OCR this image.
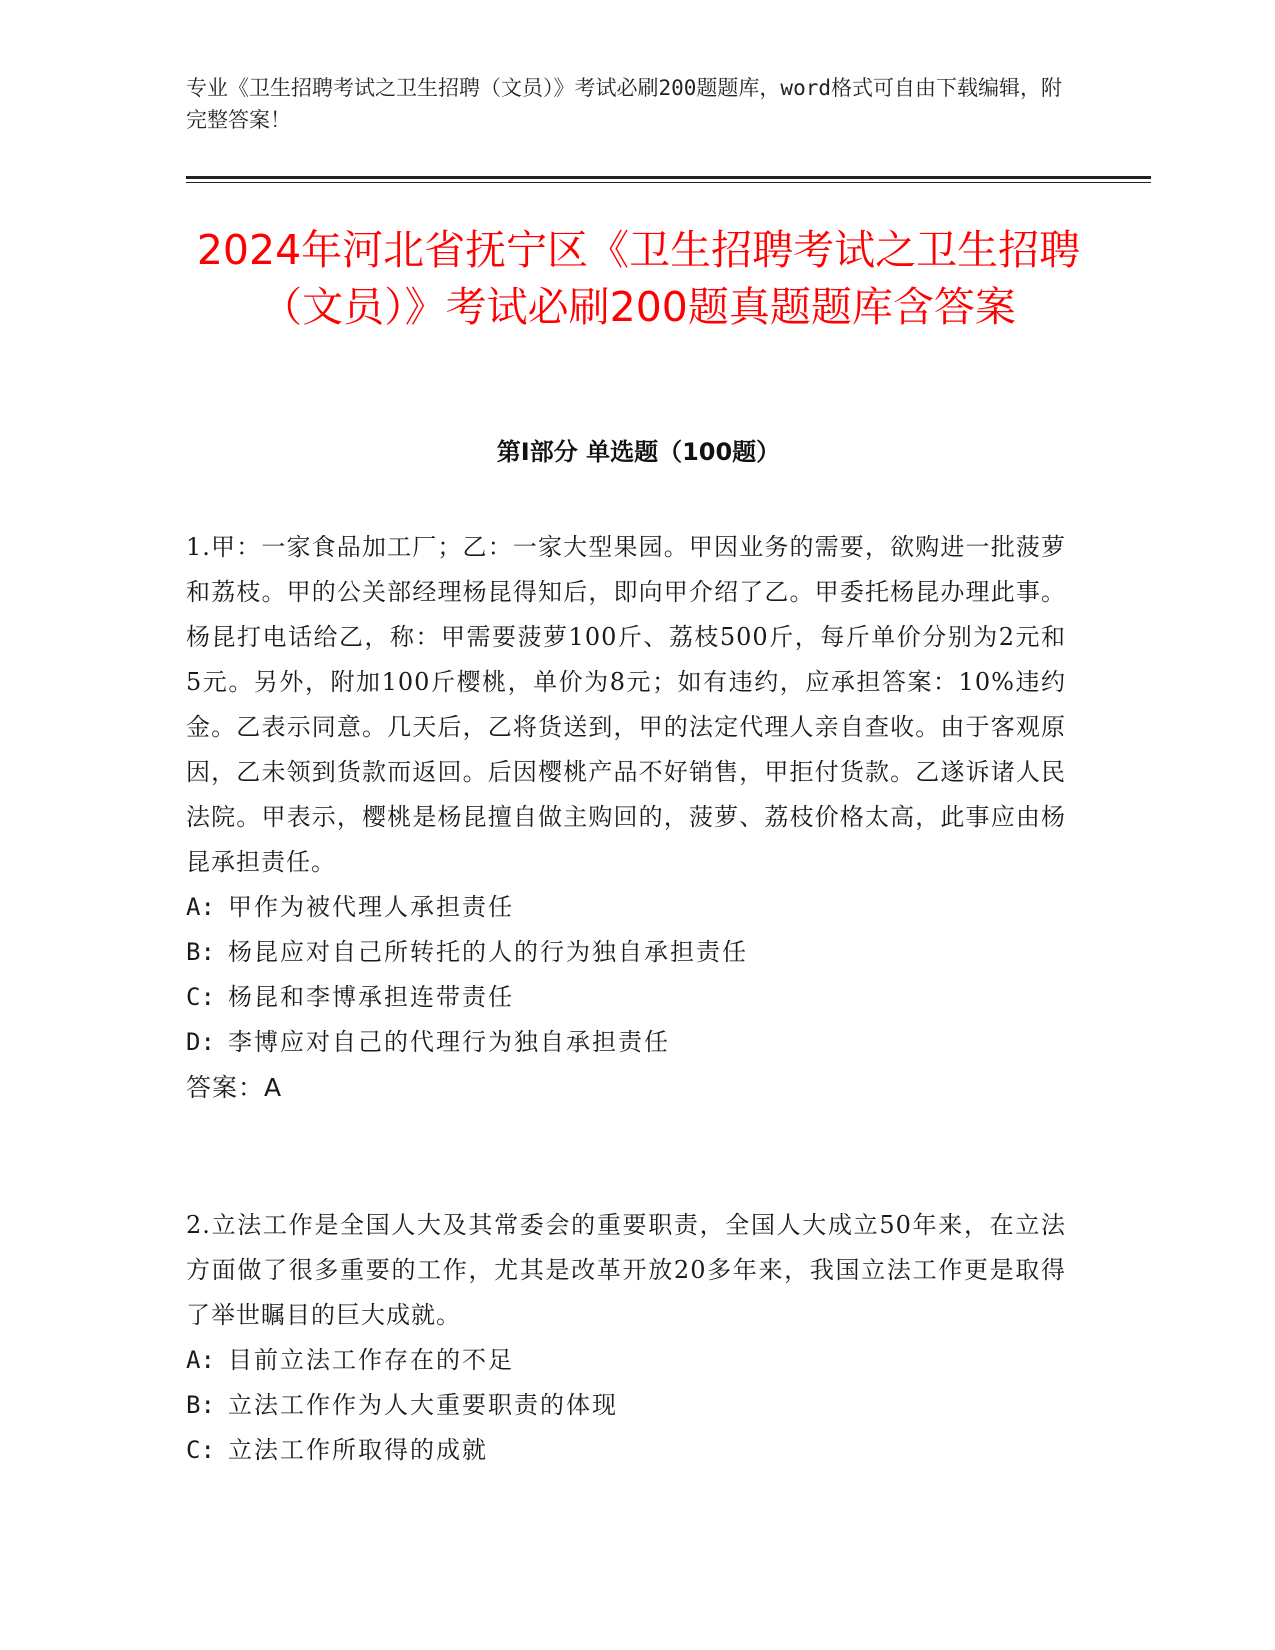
专业《卫生招聘考试之卫生招聘（文员）》考试必刷200题题库，word格式可自由下载编辑，附完整答案！
2024年河北省抚宁区《卫生招聘考试之卫生招聘（文员）》考试必刷200题真题题库含答案
第Ⅰ部分 单选题（100题）

1.甲：一家食品加工厂；乙：一家大型果园。甲因业务的需要，欲购进一批菠萝和荔枝。甲的公关部经理杨昆得知后，即向甲介绍了乙。甲委托杨昆办理此事。杨昆打电话给乙，称：甲需要菠萝100斤、荔枝500斤，每斤单价分别为2元和5元。另外，附加100斤樱桃，单价为8元；如有违约，应承担答案：10%违约金。乙表示同意。几天后，乙将货送到，甲的法定代理人亲自查收。由于客观原因，乙未领到货款而返回。后因樱桃产品不好销售，甲拒付货款。乙遂诉诸人民法院。甲表示，樱桃是杨昆擅自做主购回的，菠萝、荔枝价格太高，此事应由杨昆承担责任。

A: 甲作为被代理人承担责任

B: 杨昆应对自己所转托的人的行为独自承担责任

C: 杨昆和李博承担连带责任

D: 李博应对自己的代理行为独自承担责任

答案：A

2.立法工作是全国人大及其常委会的重要职责，全国人大成立50年来，在立法方面做了很多重要的工作，尤其是改革开放20多年来，我国立法工作更是取得了举世瞩目的巨大成就。

A: 目前立法工作存在的不足

B: 立法工作作为人大重要职责的体现

C: 立法工作所取得的成就
